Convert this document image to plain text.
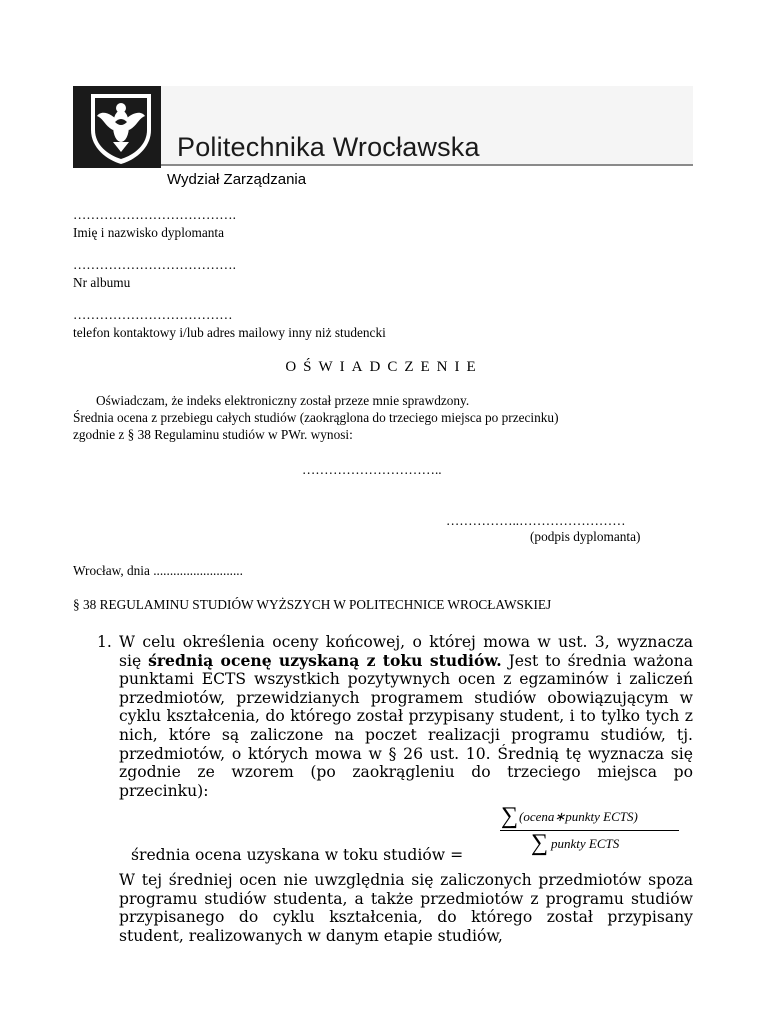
Politechnika Wrocławska
Wydział Zarządzania
……………………………….
Imię i nazwisko dyplomanta
……………………………….
Nr albumu
………………………………
telefon kontaktowy i/lub adres mailowy inny niż studencki
OŚWIADCZENIE
Oświadczam, że indeks elektroniczny został przeze mnie sprawdzony.
Średnia ocena z przebiegu całych studiów (zaokrąglona do trzeciego miejsca po przecinku)
zgodnie z § 38 Regulaminu studiów w PWr. wynosi:
…………………………..
……………..……………………
(podpis dyplomanta)
Wrocław, dnia ...........................
§ 38 REGULAMINU STUDIÓW WYŻSZYCH W POLITECHNICE WROCŁAWSKIEJ
1. W celu określenia oceny końcowej, o której mowa w ust. 3, wyznacza się średnią ocenę uzyskaną z toku studiów. Jest to średnia ważona punktami ECTS wszystkich pozytywnych ocen z egzaminów i zaliczeń przedmiotów, przewidzianych programem studiów obowiązującym w cyklu kształcenia, do którego został przypisany student, i to tylko tych z nich, które są zaliczone na poczet realizacji programu studiów, tj. przedmiotów, o których mowa w § 26 ust. 10. Średnią tę wyznacza się zgodnie ze wzorem (po zaokrągleniu do trzeciego miejsca po przecinku):
∑ (ocena∗punkty ECTS)
∑ punkty ECTS
średnia ocena uzyskana w toku studiów =
W tej średniej ocen nie uwzględnia się zaliczonych przedmiotów spoza programu studiów studenta, a także przedmiotów z programu studiów przypisanego do cyklu kształcenia, do którego został przypisany student, realizowanych w danym etapie studiów,
